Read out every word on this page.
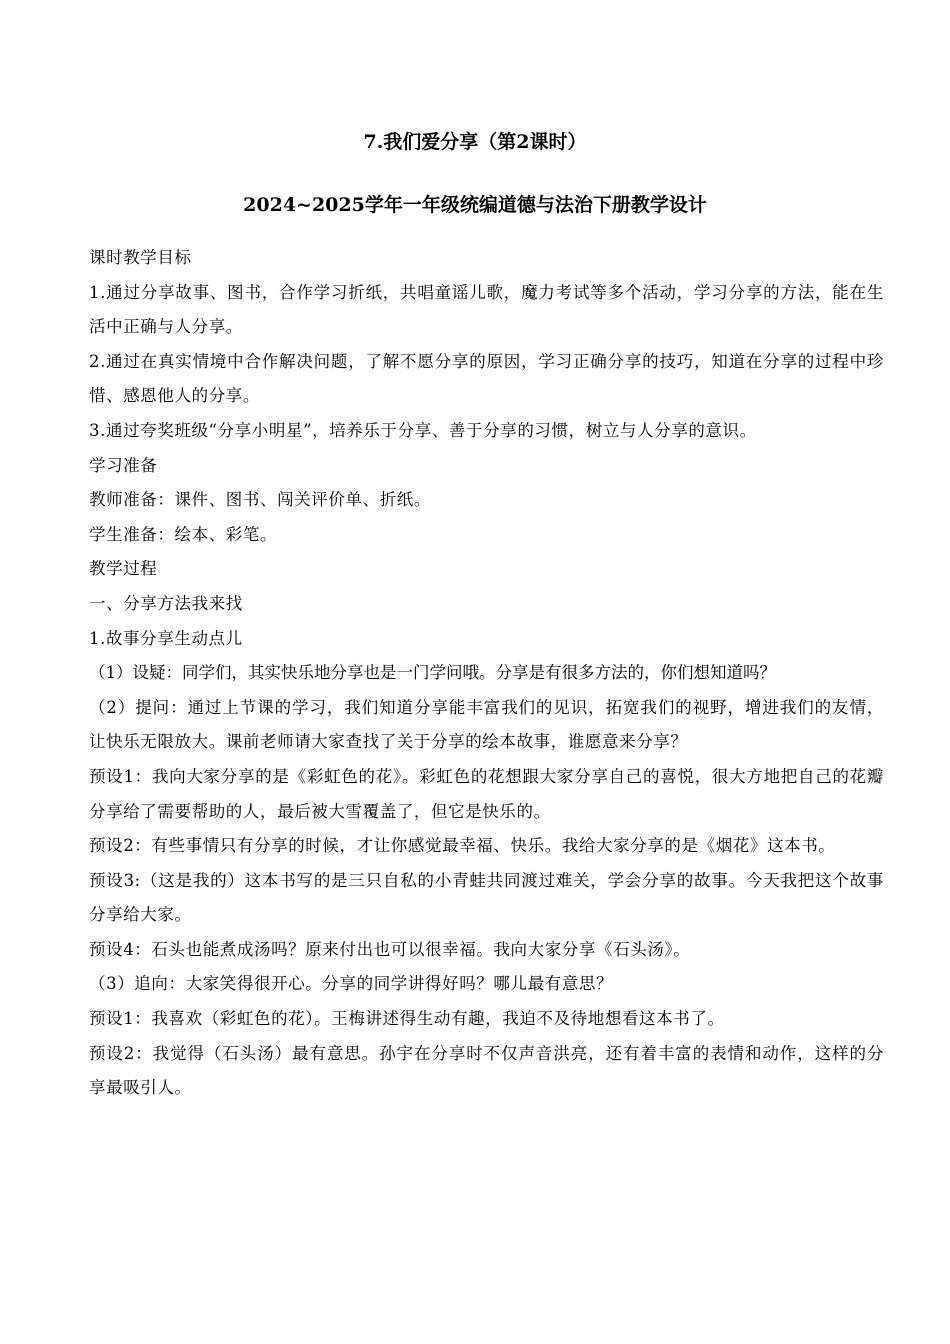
7.我们爱分享（第2课时）
2024~2025学年一年级统编道德与法治下册教学设计

课时教学目标

1.通过分享故事、图书，合作学习折纸，共唱童谣儿歌，魔力考试等多个活动，学习分享的方法，能在生活中正确与人分享。

2.通过在真实情境中合作解决问题，了解不愿分享的原因，学习正确分享的技巧，知道在分享的过程中珍惜、感恩他人的分享。

3.通过夸奖班级“分享小明星”，培养乐于分享、善于分享的习惯，树立与人分享的意识。

学习准备

教师准备：课件、图书、闯关评价单、折纸。

学生准备：绘本、彩笔。

教学过程

一、分享方法我来找

1.故事分享生动点儿

（1）设疑：同学们，其实快乐地分享也是一门学问哦。分享是有很多方法的，你们想知道吗？

（2）提问：通过上节课的学习，我们知道分享能丰富我们的见识，拓宽我们的视野，增进我们的友情，让快乐无限放大。课前老师请大家查找了关于分享的绘本故事，谁愿意来分享？

预设1：我向大家分享的是《彩虹色的花》。彩虹色的花想跟大家分享自己的喜悦，很大方地把自己的花瓣分享给了需要帮助的人，最后被大雪覆盖了，但它是快乐的。

预设2：有些事情只有分享的时候，才让你感觉最幸福、快乐。我给大家分享的是《烟花》这本书。

预设3:（这是我的）这本书写的是三只自私的小青蛙共同渡过难关，学会分享的故事。今天我把这个故事分享给大家。

预设4：石头也能煮成汤吗？原来付出也可以很幸福。我向大家分享《石头汤》。

（3）追向：大家笑得很开心。分享的同学讲得好吗？哪儿最有意思？

预设1：我喜欢（彩虹色的花）。王梅讲述得生动有趣，我迫不及待地想看这本书了。

预设2：我觉得（石头汤）最有意思。孙宇在分享时不仅声音洪亮，还有着丰富的表情和动作，这样的分享最吸引人。
